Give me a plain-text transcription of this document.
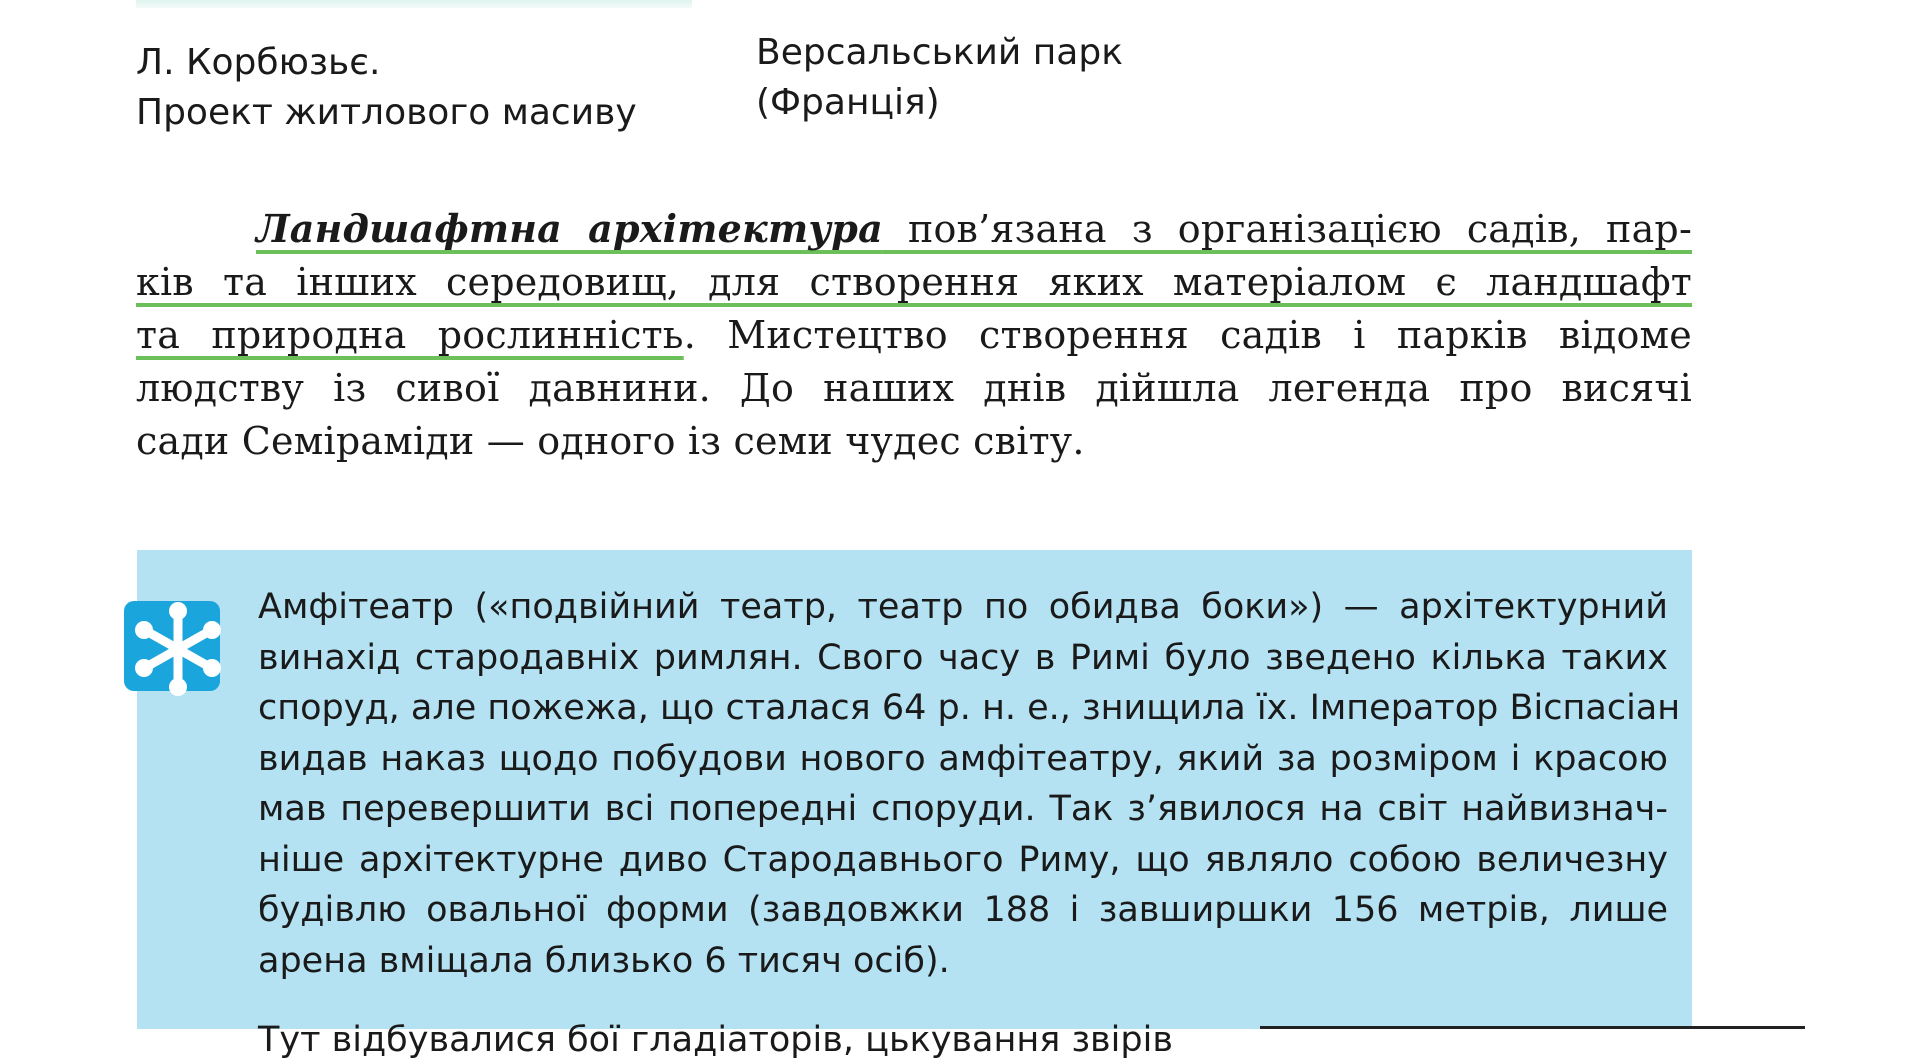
Л. Корбюзьє.
Проект житлового масиву
Версальський парк
(Франція)
Ландшафтна архітектура пов’язана з організацією садів, пар-
ків та інших середовищ, для створення яких матеріалом є ландшафт
та природна рослинність. Мистецтво створення садів і парків відоме
людству із сивої давнини. До наших днів дійшла легенда про висячі
сади Семіраміди — одного із семи чудес світу.
Амфітеатр («подвійний театр, театр по обидва боки») — архітектурний
винахід стародавніх римлян. Свого часу в Римі було зведено кілька таких
споруд, але пожежа, що сталася 64 р. н. е., знищила їх. Імператор Віспасіан
видав наказ щодо побудови нового амфітеатру, який за розміром і красою
мав перевершити всі попередні споруди. Так з’явилося на світ найвизнач-
ніше архітектурне диво Стародавнього Риму, що являло собою величезну
будівлю овальної форми (завдовжки 188 і завширшки 156 метрів, лише
арена вміщала близько 6 тисяч осіб).
Тут відбувалися бої гладіаторів, цькування звірів
